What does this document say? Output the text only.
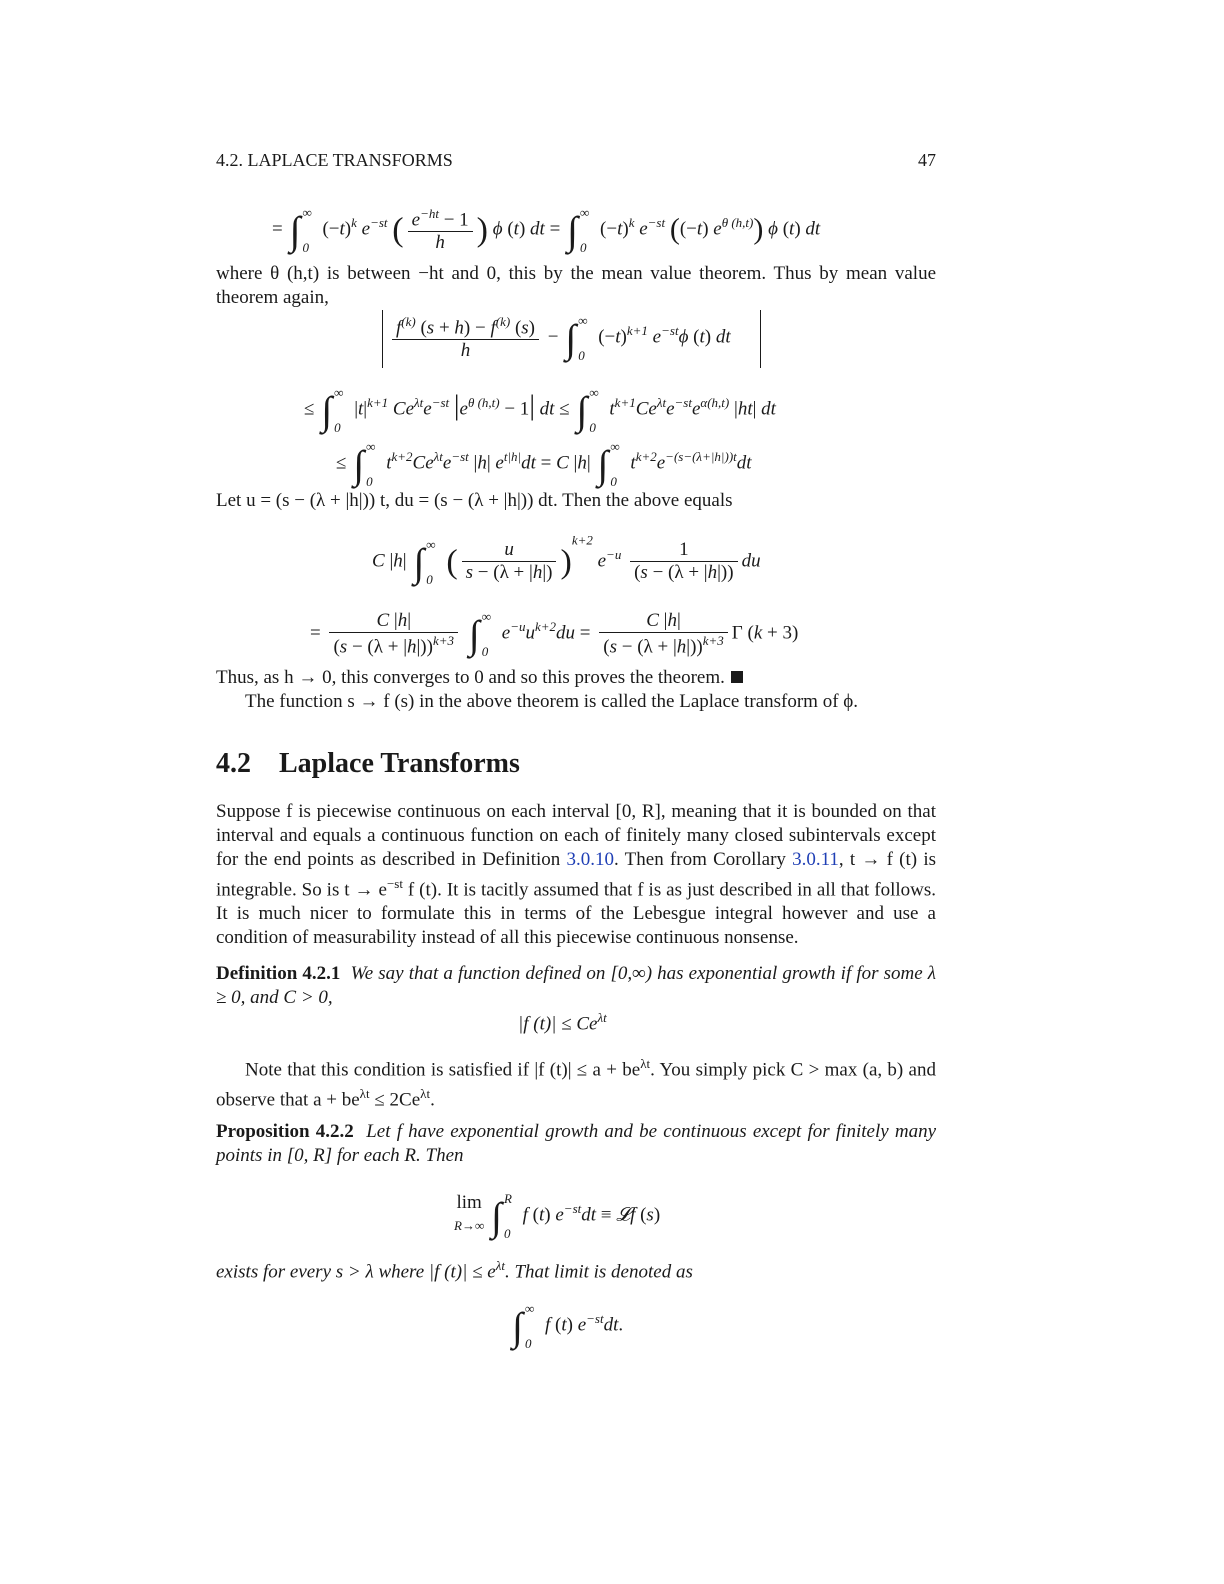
4.2. LAPLACE TRANSFORMS	47
= ∫ ∞
0 $(-t)^k$ $e^{-st}$ ( $\frac{e^{-ht} - 1}{h}$ ) ϕ (t) dt = ∫ ∞
0 $(-t)^k$ $e^{-st}$ ((−t) $e^{\theta (h,t)}$) ϕ (t) dt
where θ (h,t) is between −ht and 0, this by the mean value theorem. Thus by mean value theorem again,
$\frac{f^{(k)} (s + h) - f^{(k)} (s)}{h}$ − ∫ ∞
0 $(-t)^{k+1}$ $e^{-st}\phi$ (t) dt
≤ ∫ ∞
0 $|t|^{k+1}$ $Ce^{\lambda t}e^{-st}$ $|e^{\theta (h,t)} - 1|$ dt ≤ ∫ ∞
0 $t^{k+1}Ce^{\lambda t}e^{-st}e^{\alpha(h,t)}$ |ht| dt
≤ ∫ ∞
0 $t^{k+2}Ce^{\lambda t}e^{-st}$ |h| $e^{t|h|}dt = C$ |h| ∫ ∞
0 $t^{k+2}e^{-(s-(\lambda+|h|))t}dt$
Let u = (s − (λ + |h|)) t, du = (s − (λ + |h|)) dt. Then the above equals
C |h| ∫ ∞
0 ( $\frac{u}{s - (\lambda + |h|)} )^{k+2}$ $e^{-u} \frac{1}{(s - (\lambda + |h|))}$ du
= $\frac{C |h|}{(s - (\lambda + |h|))^{k+3}}$ ∫ ∞
0 $e^{-u}u^{k+2}du = \frac{C |h|}{(s - (\lambda + |h|))^{k+3}}$ Γ (k + 3)
Thus, as h → 0, this converges to 0 and so this proves the theorem.
The function s → f (s) in the above theorem is called the Laplace transform of ϕ.
4.2 Laplace Transforms
Suppose f is piecewise continuous on each interval [0, R], meaning that it is bounded on that interval and equals a continuous function on each of finitely many closed subintervals except for the end points as described in Definition 3.0.10. Then from Corollary 3.0.11, t → f (t) is integrable. So is $t \to e^{-st}$ f (t). It is tacitly assumed that f is as just described in all that follows. It is much nicer to formulate this in terms of the Lebesgue integral however and use a condition of measurability instead of all this piecewise continuous nonsense.
Definition 4.2.1 We say that a function defined on [0,∞) has exponential growth if for some λ ≥ 0, and C > 0,
|f $(t)| \le Ce^{\lambda t}$
Note that this condition is satisfied if |f $(t)| \le a + be^{\lambda t}$. You simply pick C > max (a, b) and observe that $a + be^{\lambda t} \le 2Ce^{\lambda t}$.
Proposition 4.2.2 Let f have exponential growth and be continuous except for finitely many points in [0, R] for each R. Then
lim
R→∞ ∫ $^R$
0 f (t) $e^{-st}dt$ ≡ 𝓛f (s)
exists for every s > λ where |f $(t)| \le e^{\lambda t}$. That limit is denoted as
∫ ∞
0 f (t) $e^{-st}dt$.
